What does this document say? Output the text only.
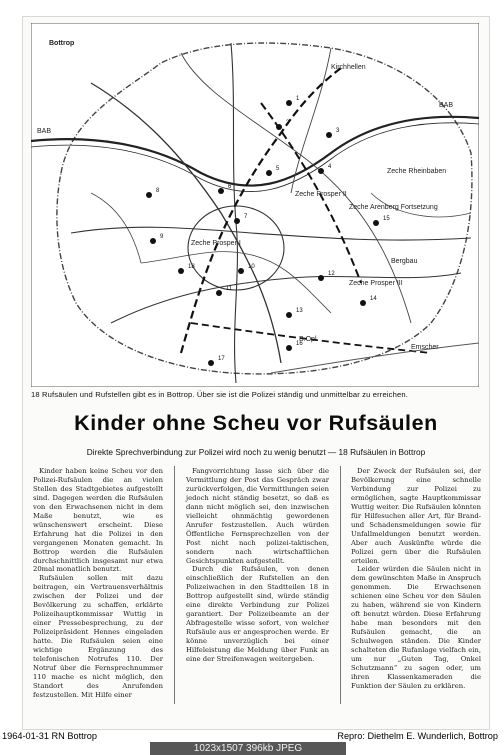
Bottrop
BAB
BAB
Zeche Prosper II
Zeche Arenberg Fortsetzung
Zeche Rheinbaben
Zeche Prosper I
Zeche Prosper III
Bergbau
Kirchhellen
Emscher
B.Opl.
1
2
3
4
5
6
7
8
9
10
11
12
13
14
15
16
17
18
18 Rufsäulen und Rufstellen gibt es in Bottrop. Über sie ist die Polizei ständig und unmittelbar zu erreichen.
Kinder ohne Scheu vor Rufsäulen
Direkte Sprechverbindung zur Polizei wird noch zu wenig benutzt — 18 Rufsäulen in Bottrop

Kinder haben keine Scheu vor den Polizei-Rufsäulen die an vielen Stellen des Stadtgebietes aufgestellt sind. Dagegen werden die Rufsäulen von den Erwachsenen nicht in dem Maße benutzt, wie es wünschenswert erscheint. Diese Erfahrung hat die Polizei in den vergangenen Monaten gemacht. In Bottrop werden die Rufsäulen durchschnittlich insgesamt nur etwa 20mal monatlich benutzt.

Rufsäulen sollen mit dazu beitragen, ein Vertrauensverhältnis zwischen der Polizei und der Bevölkerung zu schaffen, erklärte Polizeihauptkommissar Wuttig in einer Pressebesprechung, zu der Polizeipräsident Hennes eingeladen hatte. Die Rufsäulen seien eine wichtige Ergänzung des telefonischen Notrufes 110. Der Notruf über die Fernsprechnummer 110 mache es nicht möglich, den Standort des Anrufenden festzustellen. Mit Hilfe einer

Fangvorrichtung lasse sich über die Vermittlung der Post das Gespräch zwar zurückverfolgen, die Vermittlungen seien jedoch nicht ständig besetzt, so daß es dann nicht möglich sei, den inzwischen vielleicht ohnmächtig gewordenen Anrufer festzustellen. Auch würden Öffentliche Fernsprechzellen von der Post nicht nach polizei-taktischen, sondern nach wirtschaftlichen Gesichtspunkten aufgestellt.

Durch die Rufsäulen, von denen einschließlich der Rufstellen an den Polizeiwachen in den Stadtteilen 18 in Bottrop aufgestellt sind, würde ständig eine direkte Verbindung zur Polizei garantiert. Der Polizeibeamte an der Abfragestelle wisse sofort, von welcher Rufsäule aus er angesprochen werde. Er könne unverzüglich bei einer Hilfeleistung die Meldung über Funk an eine der Streifenwagen weitergeben.

Der Zweck der Rufsäulen sei, der Bevölkerung eine schnelle Verbindung zur Polizei zu ermöglichen, sagte Hauptkommissar Wuttig weiter. Die Rufsäulen könnten für Hilfesuchen aller Art, für Brand- und Schadensmeldungen sowie für Unfallmeldungen benutzt werden. Aber auch Auskünfte würde die Polizei gern über die Rufsäulen erteilen.

Leider würden die Säulen nicht in dem gewünschten Maße in Anspruch genommen. Die Erwachsenen schienen eine Scheu vor den Säulen zu haben, während sie von Kindern oft benutzt würden. Diese Erfahrung habe man besonders mit den Rufsäulen gemacht, die an Schulwegen ständen. Die Kinder schalteten die Rufanlage vielfach ein, um nur „Guten Tag, Onkel Schutzmann“ zu sagen oder, um ihren Klassenkameraden die Funktion der Säulen zu erklären.

1964-01-31 RN Bottrop	Repro: Diethelm E. Wunderlich, Bottrop
1023x1507 396kb JPEG
